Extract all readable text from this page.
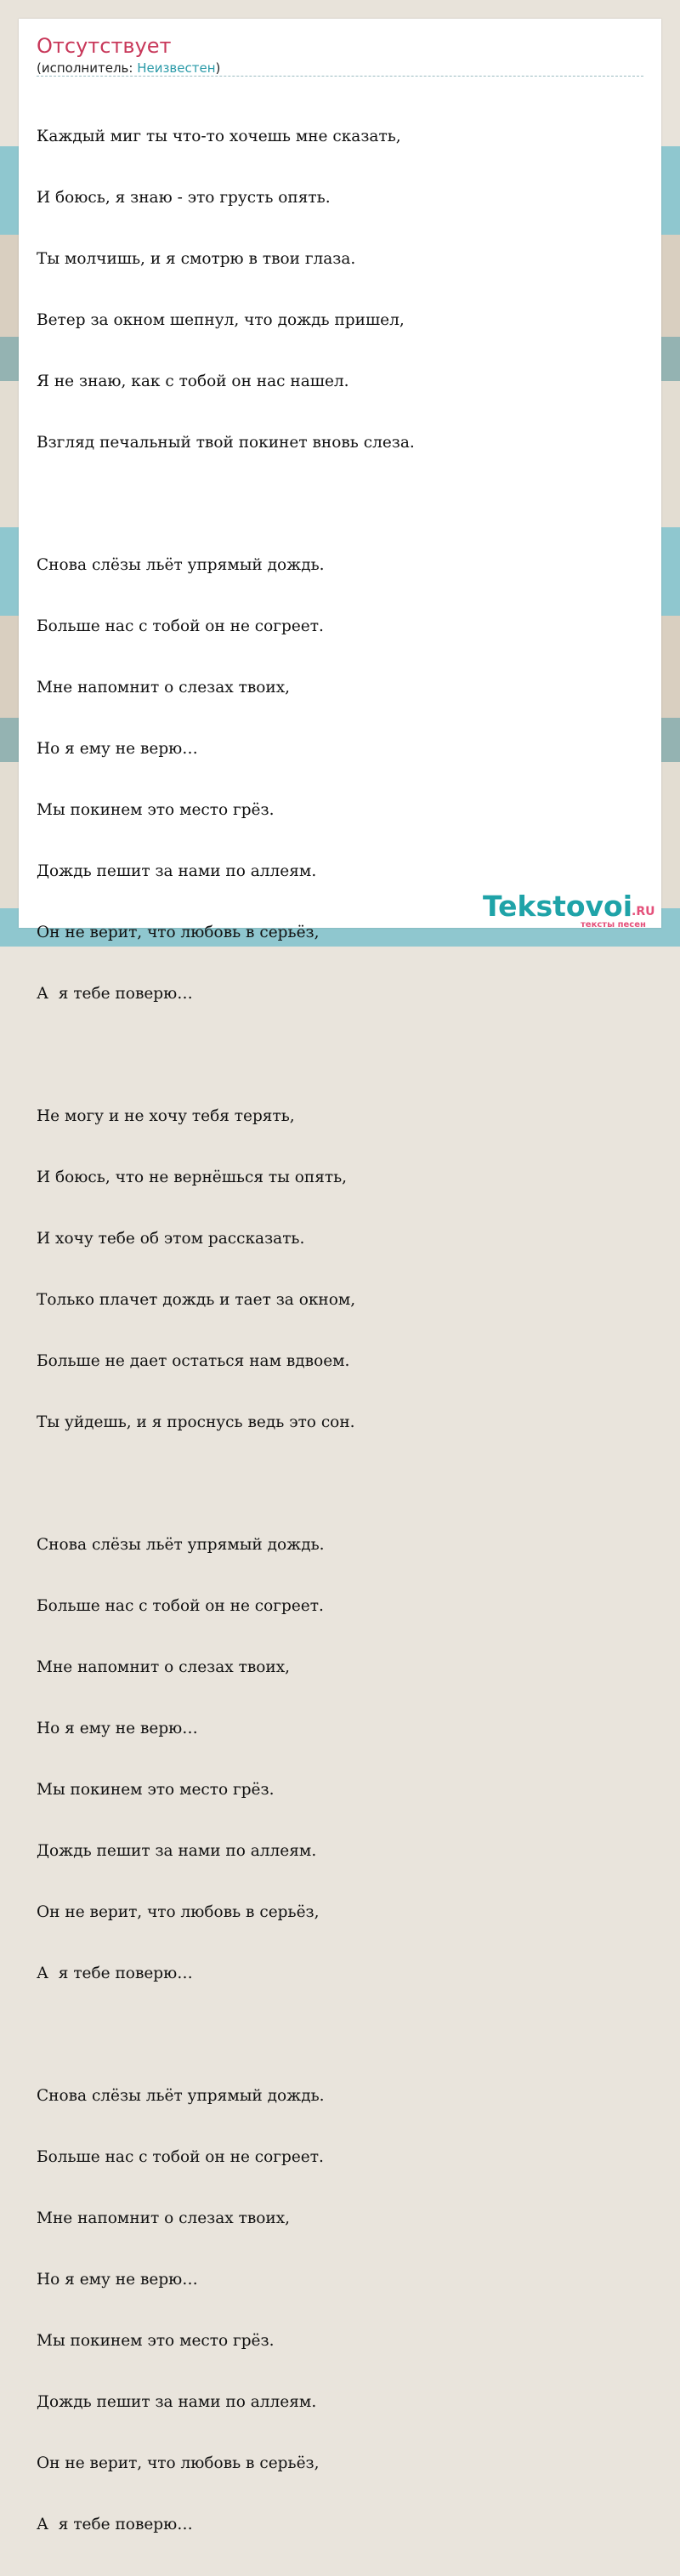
Отсутствует
(исполнитель: Неизвестен)

Каждый миг ты что-то хочешь мне сказать,

И боюсь, я знаю - это грусть опять.

Ты молчишь, и я смотрю в твои глаза.

Ветер за окном шепнул, что дождь пришел,

Я не знаю, как с тобой он нас нашел.

Взгляд печальный твой покинет вновь слеза.

Снова слёзы льёт упрямый дождь.

Больше нас с тобой он не согреет.

Мне напомнит о слезах твоих,

Но я ему не верю…

Мы покинем это место грёз.

Дождь пешит за нами по аллеям.

Он не верит, что любовь в серьёз,

А  я тебе поверю…

Не могу и не хочу тебя терять,

И боюсь, что не вернёшься ты опять,

И хочу тебе об этом рассказать.

Только плачет дождь и тает за окном,

Больше не дает остаться нам вдвоем.

Ты уйдешь, и я проснусь ведь это сон.

Снова слёзы льёт упрямый дождь.

Больше нас с тобой он не согреет.

Мне напомнит о слезах твоих,

Но я ему не верю…

Мы покинем это место грёз.

Дождь пешит за нами по аллеям.

Он не верит, что любовь в серьёз,

А  я тебе поверю…

Снова слёзы льёт упрямый дождь.

Больше нас с тобой он не согреет.

Мне напомнит о слезах твоих,

Но я ему не верю…

Мы покинем это место грёз.

Дождь пешит за нами по аллеям.

Он не верит, что любовь в серьёз,

А  я тебе поверю…

Tekstovoi
.RU
тексты песен
